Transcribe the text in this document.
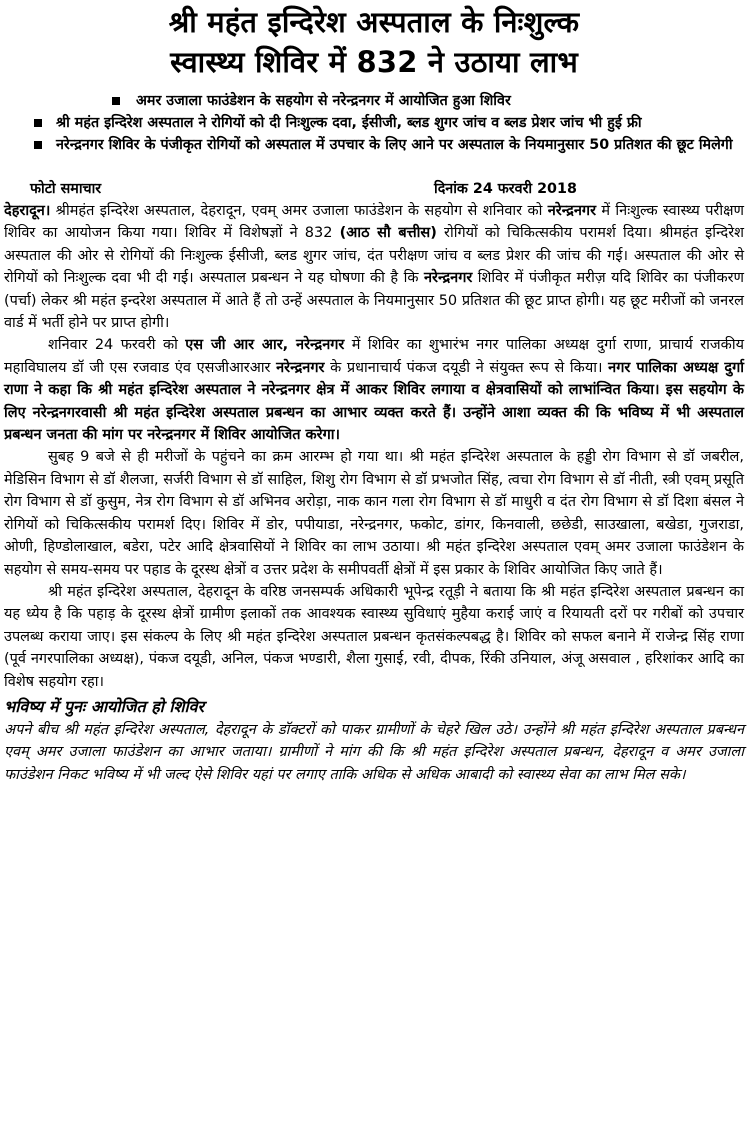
श्री महंत इन्दिरेश अस्पताल के निःशुल्क
स्वास्थ्य शिविर में 832 ने उठाया लाभ
अमर उजाला फाउंडेशन के सहयोग से नरेन्द्रनगर में आयोजित हुआ शिविर
श्री महंत इन्दिरेश अस्पताल ने रोगियों को दी निःशुल्क दवा, ईसीजी, ब्लड शुगर जांच व ब्लड प्रेशर जांच भी हुई फ्री
नरेन्द्रनगर शिविर के पंजीकृत रोगियों को अस्पताल में उपचार के लिए आने पर अस्पताल के नियमानुसार 50 प्रतिशत की छूट मिलेगी
फोटो समाचार	दिनांक 24 फरवरी 2018

देहरादून। श्रीमहंत इन्दिरेश अस्पताल, देहरादून, एवम् अमर उजाला फाउंडेशन के सहयोग से शनिवार को नरेन्द्रनगर में निःशुल्क स्वास्थ्य परीक्षण शिविर का आयोजन किया गया। शिविर में विशेषज्ञों ने 832 (आठ सौ बत्तीस) रोगियों को चिकित्सकीय परामर्श दिया। श्रीमहंत इन्दिरेश अस्पताल की ओर से रोगियों की निःशुल्क ईसीजी, ब्लड शुगर जांच, दंत परीक्षण जांच व ब्लड प्रेशर की जांच की गई। अस्पताल की ओर से रोगियों को निःशुल्क दवा भी दी गई। अस्पताल प्रबन्धन ने यह घोषणा की है कि नरेन्द्रनगर शिविर में पंजीकृत मरीज़ यदि शिविर का पंजीकरण (पर्चा) लेकर श्री महंत इन्दरेश अस्पताल में आते हैं तो उन्हें अस्पताल के नियमानुसार 50 प्रतिशत की छूट प्राप्त होगी। यह छूट मरीजों को जनरल वार्ड में भर्ती होने पर प्राप्त होगी।

शनिवार 24 फरवरी को एस जी आर आर, नरेन्द्रनगर में शिविर का शुभारंभ नगर पालिका अध्यक्ष दुर्गा राणा, प्राचार्य राजकीय महाविघालय डॉ जी एस रजवाड एंव एसजीआरआर नरेन्द्रनगर के प्रधानाचार्य पंकज दयूडी ने संयुक्त रूप से किया। नगर पालिका अध्यक्ष दुर्गा राणा ने कहा कि श्री महंत इन्दिरेश अस्पताल ने नरेन्द्रनगर क्षेत्र में आकर शिविर लगाया व क्षेत्रवासियों को लाभांन्वित किया। इस सहयोग के लिए नरेन्द्रनगरवासी श्री महंत इन्दिरेश अस्पताल प्रबन्धन का आभार व्यक्त करते हैं। उन्होंने आशा व्यक्त की कि भविष्य में भी अस्पताल प्रबन्धन जनता की मांग पर नरेन्द्रनगर में शिविर आयोजित करेगा।

सुबह 9 बजे से ही मरीजों के पहुंचने का क्रम आरम्भ हो गया था। श्री महंत इन्दिरेश अस्पताल के हड्डी रोग विभाग से डॉ जबरील, मेडिसिन विभाग से डॉ शैलजा, सर्जरी विभाग से डॉ साहिल, शिशु रोग विभाग से डॉ प्रभजोत सिंह, त्वचा रोग विभाग से डॉ नीती, स्त्री एवम् प्रसूति रोग विभाग से डॉ कुसुम, नेत्र रोग विभाग से डॉ अभिनव अरोड़ा, नाक कान गला रोग विभाग से डॉ माधुरी व दंत रोग विभाग से डॉ दिशा बंसल ने रोगियों को चिकित्सकीय परामर्श दिए। शिविर में डोर, पपीयाडा, नरेन्द्रनगर, फकोट, डांगर, किनवाली, छछेडी, साउखाला, बखेडा, गुजराडा, ओणी, हिण्डोलाखाल, बडेरा, पटेर आदि क्षेत्रवासियों ने शिविर का लाभ उठाया। श्री महंत इन्दिरेश अस्पताल एवम् अमर उजाला फाउंडेशन के सहयोग से समय-समय पर पहाड के दूरस्थ क्षेत्रों व उत्तर प्रदेश के समीपवर्ती क्षेत्रों में इस प्रकार के शिविर आयोजित किए जाते हैं।

श्री महंत इन्दिरेश अस्पताल, देहरादून के वरिष्ठ जनसम्पर्क अधिकारी भूपेन्द्र रतूड़ी ने बताया कि श्री महंत इन्दिरेश अस्पताल प्रबन्धन का यह ध्येय है कि पहाड़ के दूरस्थ क्षेत्रों ग्रामीण इलाकों तक आवश्यक स्वास्थ्य सुविधाएं मुहैया कराई जाएं व रियायती दरों पर गरीबों को उपचार उपलब्ध कराया जाए। इस संकल्प के लिए श्री महंत इन्दिरेश अस्पताल प्रबन्धन कृतसंकल्पबद्ध है। शिविर को सफल बनाने में राजेन्द्र सिंह राणा (पूर्व नगरपालिका अध्यक्ष), पंकज दयूडी, अनिल, पंकज भण्डारी, शैला गुसाई, रवी, दीपक, रिंकी उनियाल, अंजू असवाल , हरिशांकर आदि का विशेष सहयोग रहा।

भविष्य में पुनः आयोजित हो शिविर

अपने बीच श्री महंत इन्दिरेश अस्पताल, देहरादून के डॉक्टरों को पाकर ग्रामीणों के चेहरे खिल उठे। उन्होंने श्री महंत इन्दिरेश अस्पताल प्रबन्धन एवम् अमर उजाला फाउंडेशन का आभार जताया। ग्रामीणों ने मांग की कि श्री महंत इन्दिरेश अस्पताल प्रबन्धन, देहरादून व अमर उजाला फाउंडेशन निकट भविष्य में भी जल्द ऐसे शिविर यहां पर लगाए ताकि अधिक से अधिक आबादी को स्वास्थ्य सेवा का लाभ मिल सके।
